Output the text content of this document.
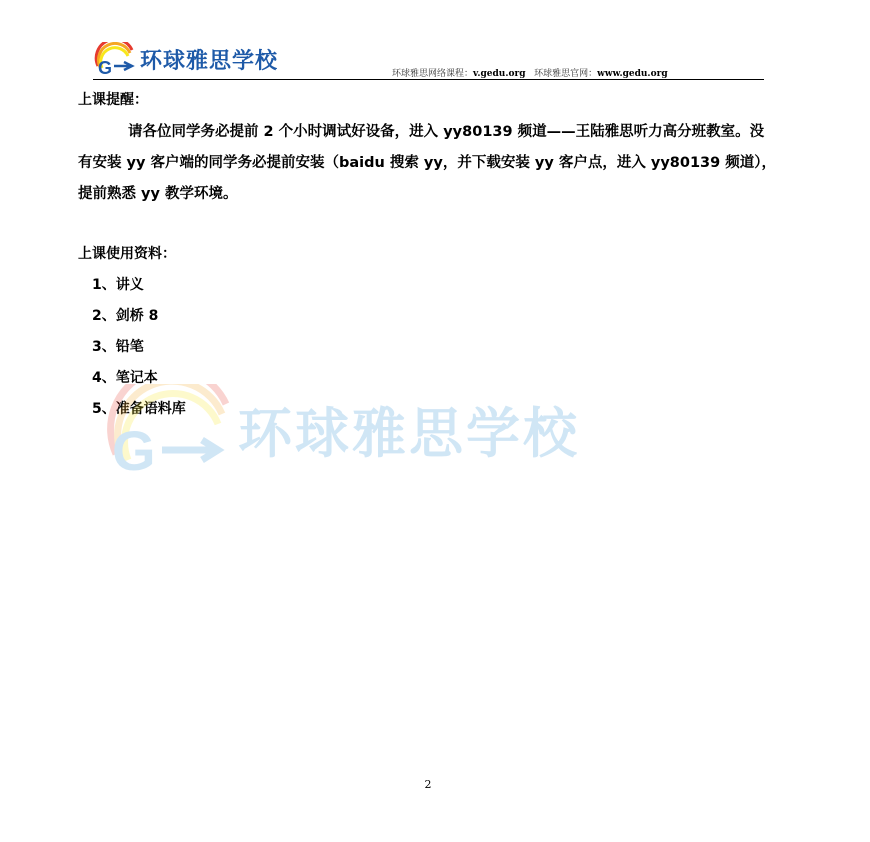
G 环球雅思学校
环球雅思网络课程：v.gedu.org 环球雅思官网：www.gedu.org
上课提醒：
请各位同学务必提前 2 个小时调试好设备，进入 yy80139 频道——王陆雅思听力高分班教室。没有安装 yy 客户端的同学务必提前安装（baidu 搜索 yy，并下载安装 yy 客户点，进入 yy80139 频道），提前熟悉 yy 教学环境。
上课使用资料：
1、讲义
2、剑桥 8
3、铅笔
4、笔记本
5、准备语料库
G 环球雅思学校
2
